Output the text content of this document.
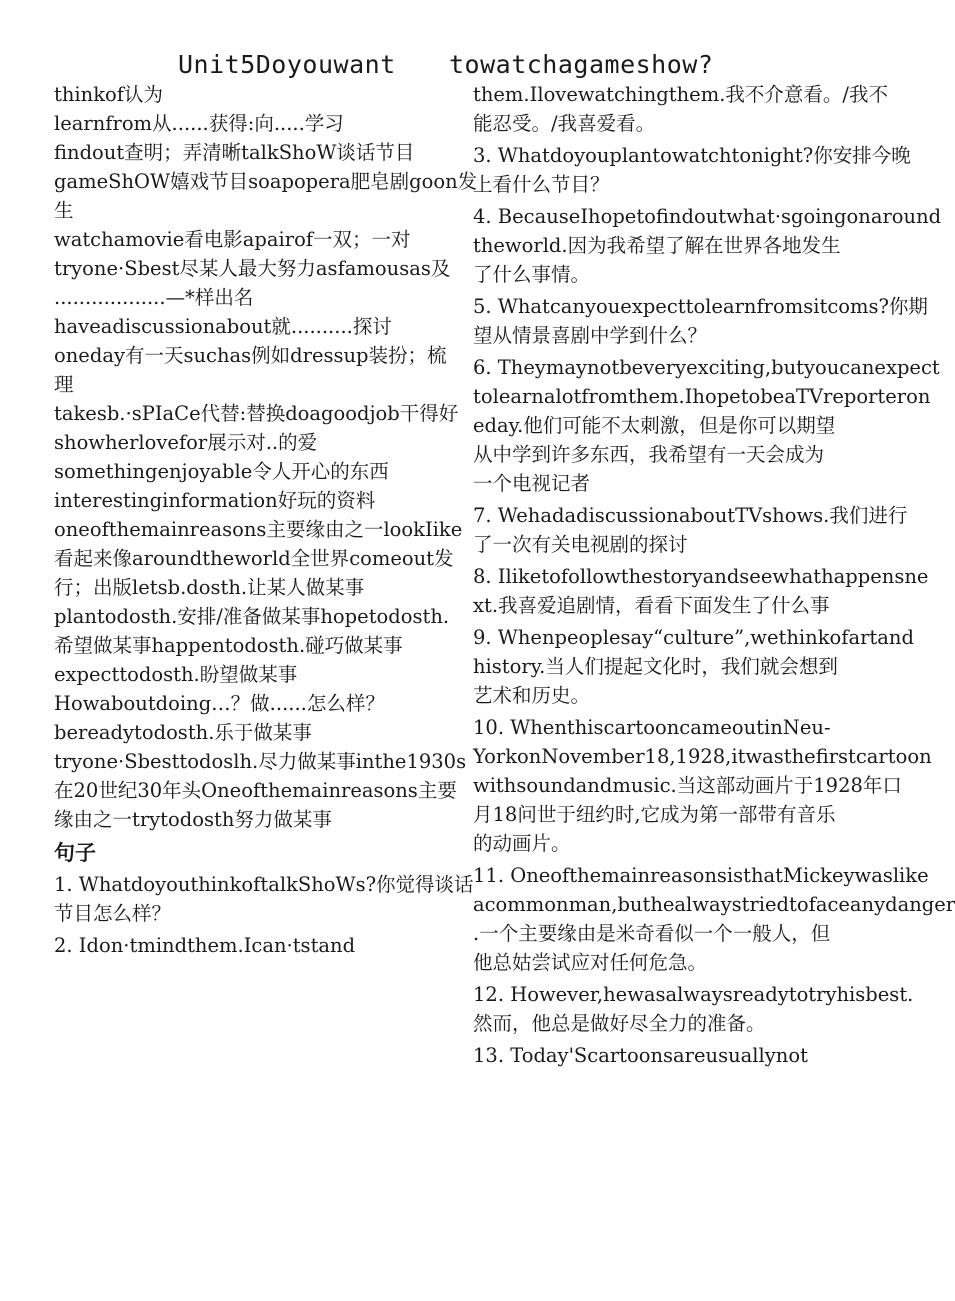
Unit5Doyouwant towatchagameshow?
thinkof认为
learnfrom从......获得:向.....学习
findout查明；弄清晰talkShoW谈话节目
gameShOW嬉戏节目soapopera肥皂剧goon发
生
watchamovie看电影apairof一双；一对
tryone·Sbest尽某人最大努力asfamousas及
..................—*样出名
haveadiscussionabout就..........探讨
oneday有一天suchas例如dressup装扮；梳
理
takesb.·sPIaCe代替:替换doagoodjob干得好
showherlovefor展示对..的爱
somethingenjoyable令人开心的东西
interestinginformation好玩的资料
oneofthemainreasons主要缘由之一lookIike
看起来像aroundtheworld全世界comeout发
行；出版letsb.dosth.让某人做某事
plantodosth.安排/准备做某事hopetodosth.
希望做某事happentodosth.碰巧做某事
expecttodosth.盼望做某事
Howaboutdoing…？做......怎么样？
bereadytodosth.乐于做某事
tryone·Sbesttodoslh.尽力做某事inthe1930s
在20世纪30年头Oneofthemainreasons主要
缘由之一trytodosth努力做某事
句子
1. WhatdoyouthinkoftalkShoWs?你觉得谈话
节目怎么样？
2. Idon·tmindthem.Ican·tstand
them.Ilovewatchingthem.我不介意看。/我不
能忍受。/我喜爱看。
3. Whatdoyouplantowatchtonight?你安排今晚
上看什么节目？
4. BecauseIhopetofindoutwhat·sgoingonaround
theworld.因为我希望了解在世界各地发生
了什么事情。
5. Whatcanyouexpecttolearnfromsitcoms?你期
望从情景喜剧中学到什么？
6. Theymaynotbeveryexciting,butyoucanexpect
tolearnalotfromthem.IhopetobeaTVreporteron
eday.他们可能不太刺激，但是你可以期望
从中学到许多东西，我希望有一天会成为
一个电视记者
7. WehadadiscussionaboutTVshows.我们进行
了一次有关电视剧的探讨
8. Iliketofollowthestoryandseewhathappensne
xt.我喜爱追剧情，看看下面发生了什么事
9. Whenpeoplesay“culture”,wethinkofartand
history.当人们提起文化时，我们就会想到
艺术和历史。
10. WhenthiscartooncameoutinNeu-
YorkonNovember18,1928,itwasthefirstcartoon
withsoundandmusic.当这部动画片于1928年口
月18问世于纽约时,它成为第一部带有音乐
的动画片。
11. OneofthemainreasonsisthatMickeywaslike
acommonman,buthealwaystriedtofaceanydanger
.一个主要缘由是米奇看似一个一般人，但
他总姑尝试应对任何危急。
12. However,hewasalwaysreadytotryhisbest.
然而，他总是做好尽全力的准备。
13. Today'Scartoonsareusuallynot
